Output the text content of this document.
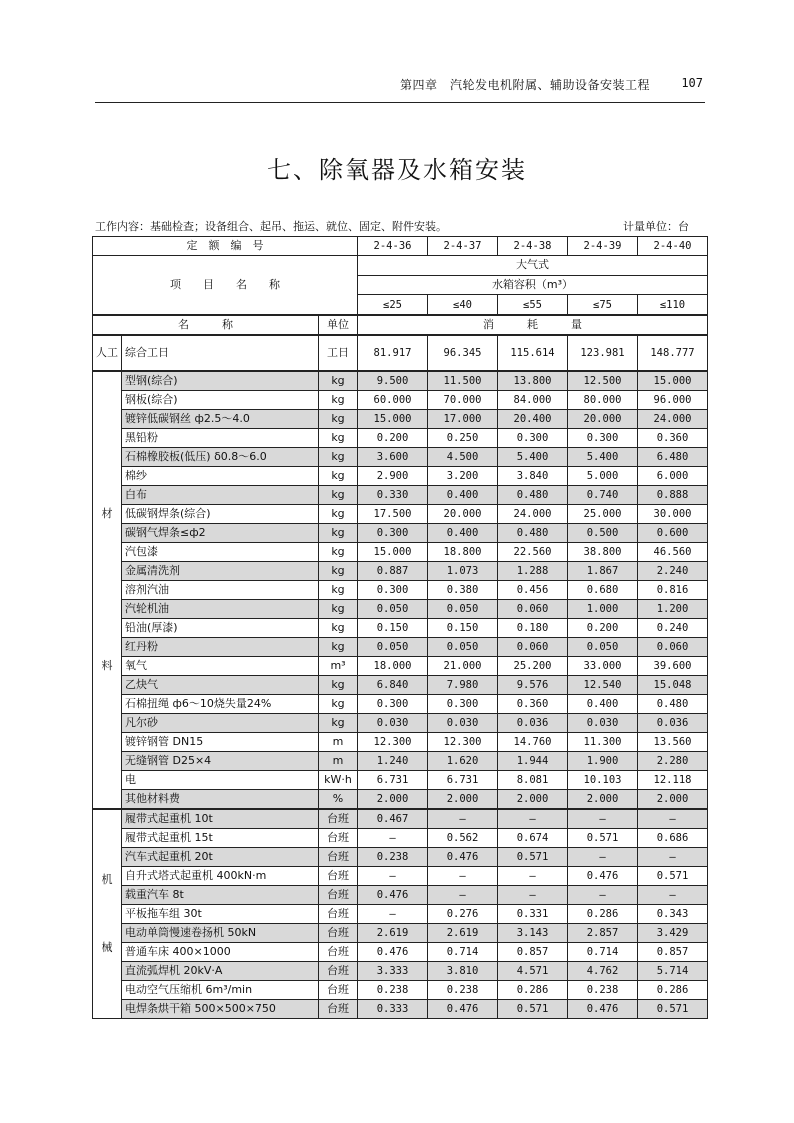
第四章　汽轮发电机附属、辅助设备安装工程	107
七、除氧器及水箱安装
工作内容：基础检查；设备组合、起吊、拖运、就位、固定、附件安装。	计量单位：台
定　额　编　号			2-4-36	2-4-37	2-4-38	2-4-39	2-4-40
项　　目　　名　　称			大气式				
			水箱容积（m³）				
			≤25	≤40	≤55	≤75	≤110
名　　　称		单位	消　　　耗　　　量				
人工	综合工日	工日	81.917	96.345	115.614	123.981	148.777

材
料	型钢(综合)	kg	9.500	11.500	13.800	12.500	15.000
	钢板(综合)	kg	60.000	70.000	84.000	80.000	96.000
	镀锌低碳钢丝 ф2.5～4.0	kg	15.000	17.000	20.400	20.000	24.000
	黑铅粉	kg	0.200	0.250	0.300	0.300	0.360
	石棉橡胶板(低压) δ0.8～6.0	kg	3.600	4.500	5.400	5.400	6.480
	棉纱	kg	2.900	3.200	3.840	5.000	6.000
	白布	kg	0.330	0.400	0.480	0.740	0.888
	低碳钢焊条(综合)	kg	17.500	20.000	24.000	25.000	30.000
	碳钢气焊条≤ф2	kg	0.300	0.400	0.480	0.500	0.600
	汽包漆	kg	15.000	18.800	22.560	38.800	46.560
	金属清洗剂	kg	0.887	1.073	1.288	1.867	2.240
	溶剂汽油	kg	0.300	0.380	0.456	0.680	0.816
	汽轮机油	kg	0.050	0.050	0.060	1.000	1.200
	铅油(厚漆)	kg	0.150	0.150	0.180	0.200	0.240
	红丹粉	kg	0.050	0.050	0.060	0.050	0.060
	氧气	m³	18.000	21.000	25.200	33.000	39.600
	乙炔气	kg	6.840	7.980	9.576	12.540	15.048
	石棉扭绳 ф6～10烧失量24%	kg	0.300	0.300	0.360	0.400	0.480
	凡尔砂	kg	0.030	0.030	0.036	0.030	0.036
	镀锌钢管 DN15	m	12.300	12.300	14.760	11.300	13.560
	无缝钢管 D25×4	m	1.240	1.620	1.944	1.900	2.280
	电	kW·h	6.731	6.731	8.081	10.103	12.118
	其他材料费	%	2.000	2.000	2.000	2.000	2.000

机
械	履带式起重机 10t	台班	0.467	—	—	—	—
	履带式起重机 15t	台班	—	0.562	0.674	0.571	0.686
	汽车式起重机 20t	台班	0.238	0.476	0.571	—	—
	自升式塔式起重机 400kN·m	台班	—	—	—	0.476	0.571
	载重汽车 8t	台班	0.476	—	—	—	—
	平板拖车组 30t	台班	—	0.276	0.331	0.286	0.343
	电动单筒慢速卷扬机 50kN	台班	2.619	2.619	3.143	2.857	3.429
	普通车床 400×1000	台班	0.476	0.714	0.857	0.714	0.857
	直流弧焊机 20kV·A	台班	3.333	3.810	4.571	4.762	5.714
	电动空气压缩机 6m³/min	台班	0.238	0.238	0.286	0.238	0.286
	电焊条烘干箱 500×500×750	台班	0.333	0.476	0.571	0.476	0.571
